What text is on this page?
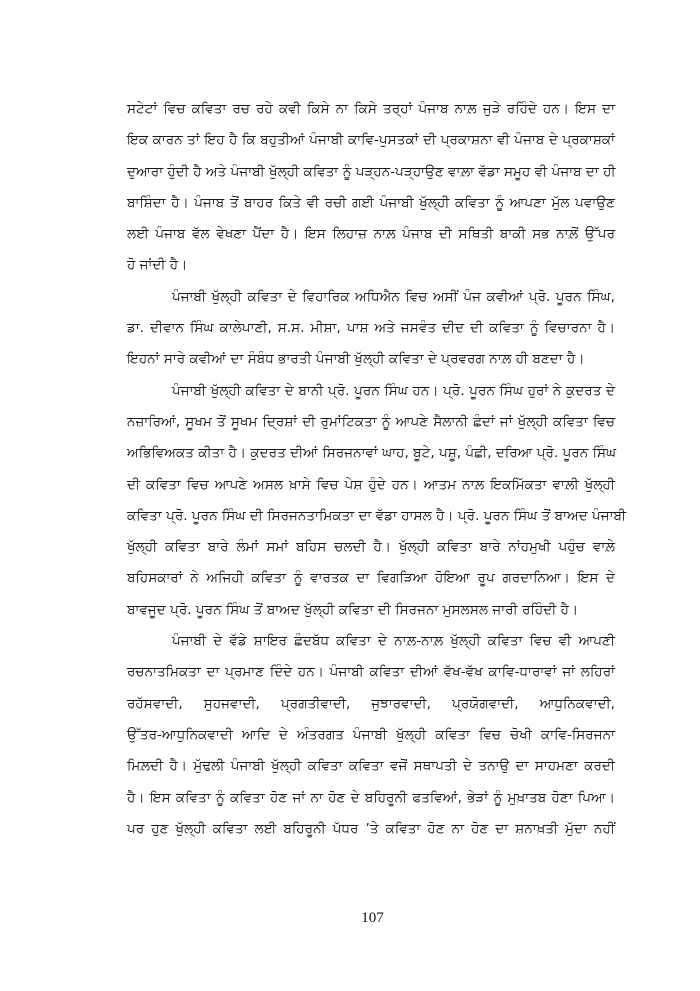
ਸਟੇਟਾਂ ਵਿਚ ਕਵਿਤਾ ਰਚ ਰਹੇ ਕਵੀ ਕਿਸੇ ਨਾ ਕਿਸੇ ਤਰ੍ਹਾਂ ਪੰਜਾਬ ਨਾਲ਼ ਜੁੜੇ ਰਹਿੰਦੇ ਹਨ। ਇਸ ਦਾ
ਇਕ ਕਾਰਨ ਤਾਂ ਇਹ ਹੈ ਕਿ ਬਹੁਤੀਆਂ ਪੰਜਾਬੀ ਕਾਵਿ-ਪੁਸਤਕਾਂ ਦੀ ਪ੍ਰਕਾਸ਼ਨਾ ਵੀ ਪੰਜਾਬ ਦੇ ਪ੍ਰਕਾਸ਼ਕਾਂ
ਦੁਆਰਾ ਹੁੰਦੀ ਹੈ ਅਤੇ ਪੰਜਾਬੀ ਖੁੱਲ੍ਹੀ ਕਵਿਤਾ ਨੂੰ ਪੜ੍ਹਨ-ਪੜ੍ਹਾਉਣ ਵਾਲ਼ਾ ਵੱਡਾ ਸਮੂਹ ਵੀ ਪੰਜਾਬ ਦਾ ਹੀ
ਬਾਸ਼ਿੰਦਾ ਹੈ। ਪੰਜਾਬ ਤੋਂ ਬਾਹਰ ਕਿਤੇ ਵੀ ਰਚੀ ਗਈ ਪੰਜਾਬੀ ਖੁੱਲ੍ਹੀ ਕਵਿਤਾ ਨੂੰ ਆਪਣਾ ਮੁੱਲ ਪਵਾਉਣ
ਲਈ ਪੰਜਾਬ ਵੱਲ ਵੇਖਣਾ ਪੈਂਦਾ ਹੈ। ਇਸ ਲਿਹਾਜ਼ ਨਾਲ਼ ਪੰਜਾਬ ਦੀ ਸਥਿਤੀ ਬਾਕੀ ਸਭ ਨਾਲ਼ੋਂ ਉੱਪਰ
ਹੋ ਜਾਂਦੀ ਹੈ।
ਪੰਜਾਬੀ ਖੁੱਲ੍ਹੀ ਕਵਿਤਾ ਦੇ ਵਿਹਾਰਿਕ ਅਧਿਐਨ ਵਿਚ ਅਸੀਂ ਪੰਜ ਕਵੀਆਂ ਪ੍ਰੋ. ਪੂਰਨ ਸਿੰਘ,
ਡਾ. ਦੀਵਾਨ ਸਿੰਘ ਕਾਲੇਪਾਣੀ, ਸ.ਸ. ਮੀਸ਼ਾ, ਪਾਸ਼ ਅਤੇ ਜਸਵੰਤ ਦੀਦ ਦੀ ਕਵਿਤਾ ਨੂੰ ਵਿਚਾਰਨਾ ਹੈ।
ਇਹਨਾਂ ਸਾਰੇ ਕਵੀਆਂ ਦਾ ਸੰਬੰਧ ਭਾਰਤੀ ਪੰਜਾਬੀ ਖੁੱਲ੍ਹੀ ਕਵਿਤਾ ਦੇ ਪ੍ਰਵਰਗ ਨਾਲ਼ ਹੀ ਬਣਦਾ ਹੈ।
ਪੰਜਾਬੀ ਖੁੱਲ੍ਹੀ ਕਵਿਤਾ ਦੇ ਬਾਨੀ ਪ੍ਰੋ. ਪੂਰਨ ਸਿੰਘ ਹਨ। ਪ੍ਰੋ. ਪੂਰਨ ਸਿੰਘ ਹੁਰਾਂ ਨੇ ਕੁਦਰਤ ਦੇ
ਨਜ਼ਾਰਿਆਂ, ਸੂਖਮ ਤੋਂ ਸੂਖਮ ਦ੍ਰਿਸ਼ਾਂ ਦੀ ਰੁਮਾਂਟਿਕਤਾ ਨੂੰ ਆਪਣੇ ਸੈਲਾਨੀ ਛੰਦਾਂ ਜਾਂ ਖੁੱਲ੍ਹੀ ਕਵਿਤਾ ਵਿਚ
ਅਭਿਵਿਅਕਤ ਕੀਤਾ ਹੈ। ਕੁਦਰਤ ਦੀਆਂ ਸਿਰਜਨਾਵਾਂ ਘਾਹ, ਬੂਟੇ, ਪਸ਼ੂ, ਪੰਛੀ, ਦਰਿਆ ਪ੍ਰੋ. ਪੂਰਨ ਸਿੰਘ
ਦੀ ਕਵਿਤਾ ਵਿਚ ਆਪਣੇ ਅਸਲ ਖ਼ਾਸੇ ਵਿਚ ਪੇਸ਼ ਹੁੰਦੇ ਹਨ। ਆਤਮ ਨਾਲ਼ ਇਕਮਿੱਕਤਾ ਵਾਲ਼ੀ ਖੁੱਲ੍ਹੀ
ਕਵਿਤਾ ਪ੍ਰੋ. ਪੂਰਨ ਸਿੰਘ ਦੀ ਸਿਰਜਨਤਾਮਿਕਤਾ ਦਾ ਵੱਡਾ ਹਾਸਲ ਹੈ। ਪ੍ਰੋ. ਪੂਰਨ ਸਿੰਘ ਤੋਂ ਬਾਅਦ ਪੰਜਾਬੀ
ਖੁੱਲ੍ਹੀ ਕਵਿਤਾ ਬਾਰੇ ਲੰਮਾਂ ਸਮਾਂ ਬਹਿਸ ਚਲਦੀ ਹੈ। ਖੁੱਲ੍ਹੀ ਕਵਿਤਾ ਬਾਰੇ ਨਾਂਹਮੁਖੀ ਪਹੁੰਚ ਵਾਲ਼ੇ
ਬਹਿਸਕਾਰਾਂ ਨੇ ਅਜਿਹੀ ਕਵਿਤਾ ਨੂੰ ਵਾਰਤਕ ਦਾ ਵਿਗੜਿਆ ਹੋਇਆ ਰੂਪ ਗਰਦਾਨਿਆ। ਇਸ ਦੇ
ਬਾਵਜੂਦ ਪ੍ਰੋ. ਪੂਰਨ ਸਿੰਘ ਤੋਂ ਬਾਅਦ ਖੁੱਲ੍ਹੀ ਕਵਿਤਾ ਦੀ ਸਿਰਜਨਾ ਮੁਸਲਸਲ ਜਾਰੀ ਰਹਿੰਦੀ ਹੈ।
ਪੰਜਾਬੀ ਦੇ ਵੱਡੇ ਸ਼ਾਇਰ ਛੰਦਬੱਧ ਕਵਿਤਾ ਦੇ ਨਾਲ਼-ਨਾਲ਼ ਖੁੱਲ੍ਹੀ ਕਵਿਤਾ ਵਿਚ ਵੀ ਆਪਣੀ
ਰਚਨਾਤਮਿਕਤਾ ਦਾ ਪ੍ਰਮਾਣ ਦਿੰਦੇ ਹਨ। ਪੰਜਾਬੀ ਕਵਿਤਾ ਦੀਆਂ ਵੱਖ-ਵੱਖ ਕਾਵਿ-ਧਾਰਾਵਾਂ ਜਾਂ ਲਹਿਰਾਂ
ਰਹੱਸਵਾਦੀ, ਸੁਹਜਵਾਦੀ, ਪ੍ਰਗਤੀਵਾਦੀ, ਜੁਝਾਰਵਾਦੀ, ਪ੍ਰਯੋਗਵਾਦੀ, ਆਧੁਨਿਕਵਾਦੀ,
ਉੱਤਰ-ਆਧੁਨਿਕਵਾਦੀ ਆਦਿ ਦੇ ਅੰਤਰਗਤ ਪੰਜਾਬੀ ਖੁੱਲ੍ਹੀ ਕਵਿਤਾ ਵਿਚ ਚੋਖੀ ਕਾਵਿ-ਸਿਰਜਨਾ
ਮਿਲ਼ਦੀ ਹੈ। ਮੁੱਢਲੀ ਪੰਜਾਬੀ ਖੁੱਲ੍ਹੀ ਕਵਿਤਾ ਕਵਿਤਾ ਵਜੋਂ ਸਥਾਪਤੀ ਦੇ ਤਨਾਉ ਦਾ ਸਾਹਮਣਾ ਕਰਦੀ
ਹੈ। ਇਸ ਕਵਿਤਾ ਨੂੰ ਕਵਿਤਾ ਹੋਣ ਜਾਂ ਨਾ ਹੋਣ ਦੇ ਬਹਿਰੂਨੀ ਫਤਵਿਆਂ, ਭੇੜਾਂ ਨੂੰ ਮੁਖ਼ਾਤਬ ਹੋਣਾ ਪਿਆ।
ਪਰ ਹੁਣ ਖੁੱਲ੍ਹੀ ਕਵਿਤਾ ਲਈ ਬਹਿਰੂਨੀ ਪੱਧਰ ’ਤੇ ਕਵਿਤਾ ਹੋਣ ਨਾ ਹੋਣ ਦਾ ਸ਼ਨਾਖ਼ਤੀ ਮੁੱਦਾ ਨਹੀਂ
107
